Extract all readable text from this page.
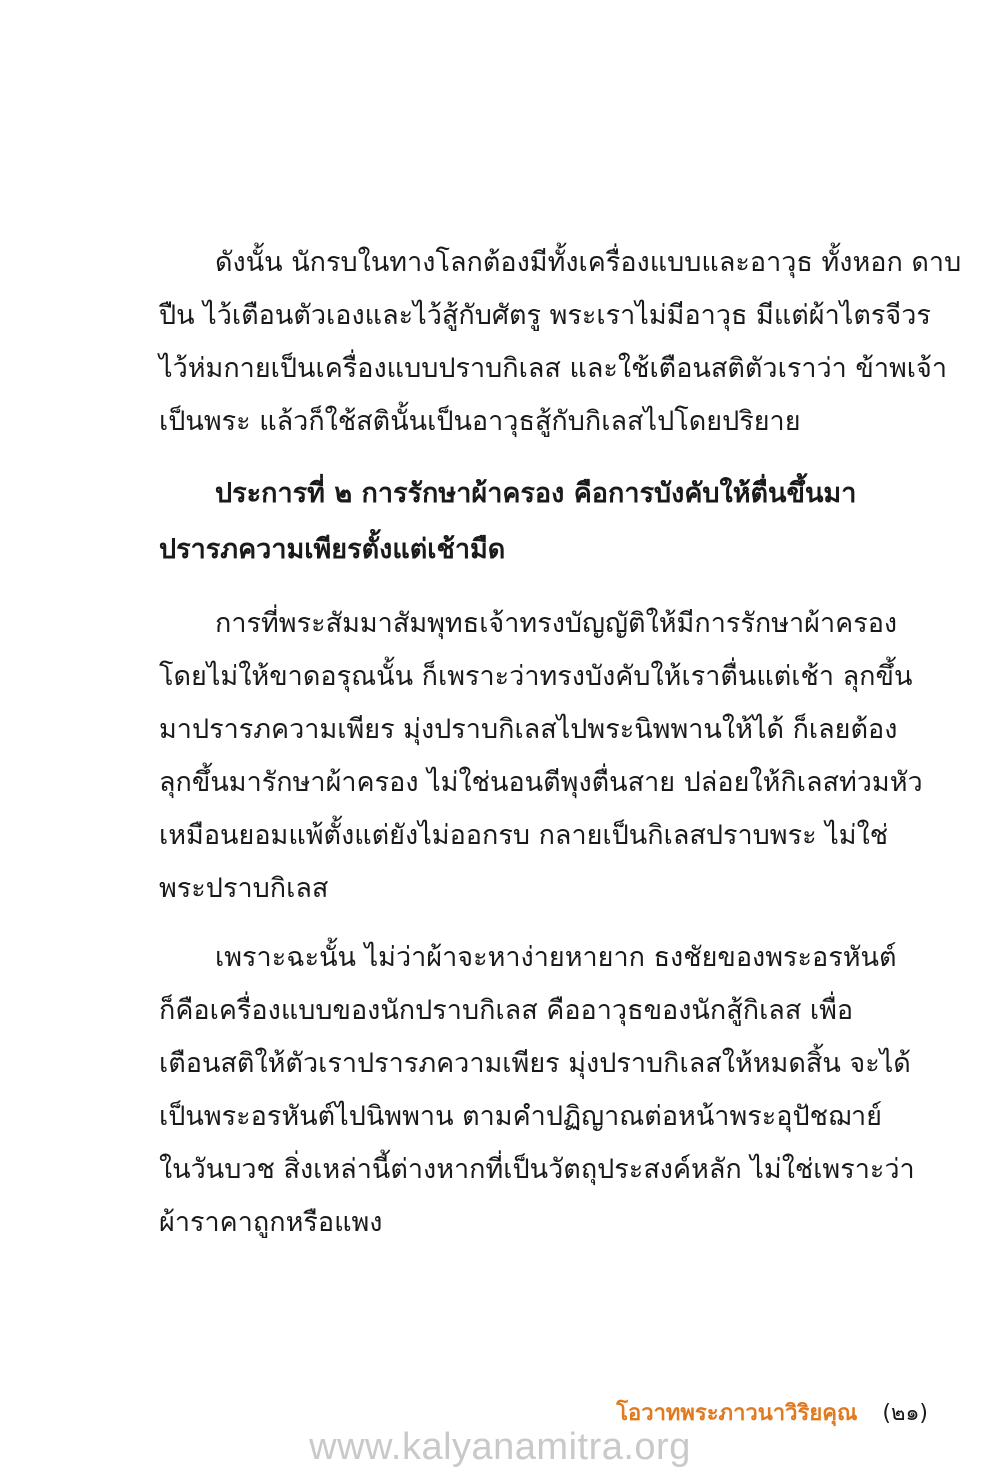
ดังนั้น นักรบในทางโลกต้องมีทั้งเครื่องแบบและอาวุธ ทั้งหอก ดาบ
ปืน ไว้เตือนตัวเองและไว้สู้กับศัตรู พระเราไม่มีอาวุธ มีแต่ผ้าไตรจีวร
ไว้ห่มกายเป็นเครื่องแบบปราบกิเลส และใช้เตือนสติตัวเราว่า ข้าพเจ้า
เป็นพระ แล้วก็ใช้สตินั้นเป็นอาวุธสู้กับกิเลสไปโดยปริยาย
ประการที่ ๒ การรักษาผ้าครอง คือการบังคับให้ตื่นขึ้นมา
ปรารภความเพียรตั้งแต่เช้ามืด
การที่พระสัมมาสัมพุทธเจ้าทรงบัญญัติให้มีการรักษาผ้าครอง
โดยไม่ให้ขาดอรุณนั้น ก็เพราะว่าทรงบังคับให้เราตื่นแต่เช้า ลุกขึ้น
มาปรารภความเพียร มุ่งปราบกิเลสไปพระนิพพานให้ได้ ก็เลยต้อง
ลุกขึ้นมารักษาผ้าครอง ไม่ใช่นอนตีพุงตื่นสาย ปล่อยให้กิเลสท่วมหัว
เหมือนยอมแพ้ตั้งแต่ยังไม่ออกรบ กลายเป็นกิเลสปราบพระ ไม่ใช่
พระปราบกิเลส
เพราะฉะนั้น ไม่ว่าผ้าจะหาง่ายหายาก ธงชัยของพระอรหันต์
ก็คือเครื่องแบบของนักปราบกิเลส คืออาวุธของนักสู้กิเลส เพื่อ
เตือนสติให้ตัวเราปรารภความเพียร มุ่งปราบกิเลสให้หมดสิ้น จะได้
เป็นพระอรหันต์ไปนิพพาน ตามคำปฏิญาณต่อหน้าพระอุปัชฌาย์
ในวันบวช สิ่งเหล่านี้ต่างหากที่เป็นวัตถุประสงค์หลัก ไม่ใช่เพราะว่า
ผ้าราคาถูกหรือแพง
โอวาทพระภาวนาวิริยคุณ (๒๑)
www.kalyanamitra.org
